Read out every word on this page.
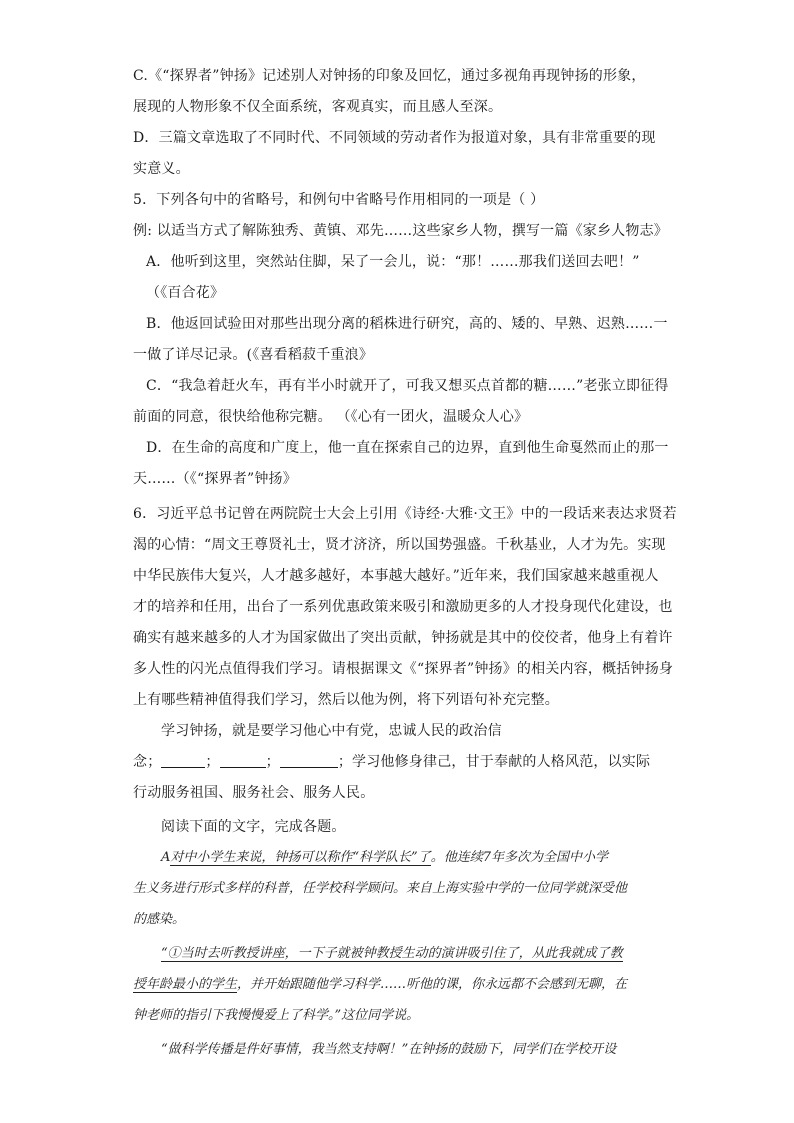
C.《“探界者”钟扬》记述别人对钟扬的印象及回忆，通过多视角再现钟扬的形象，
展现的人物形象不仅全面系统，客观真实，而且感人至深。
D．三篇文章选取了不同时代、不同领域的劳动者作为报道对象，具有非常重要的现
实意义。
5．下列各句中的省略号，和例句中省略号作用相同的一项是（ ）
例: 以适当方式了解陈独秀、黄镇、邓先……这些家乡人物，撰写一篇《家乡人物志》
A．他听到这里，突然站住脚，呆了一会儿，说：“那！……那我们送回去吧！”
（《百合花》
B．他返回试验田对那些出现分离的稻株进行研究，高的、矮的、早熟、迟熟……一
一做了详尽记录。(《喜看稻菽千重浪》
C．“我急着赶火车，再有半小时就开了，可我又想买点首都的糖……”老张立即征得
前面的同意，很快给他称完糖。 （《心有一团火，温暖众人心》
D．在生命的高度和广度上，他一直在探索自己的边界，直到他生命戛然而止的那一
天……（《“探界者”钟扬》
6．习近平总书记曾在两院院士大会上引用《诗经·大雅·文王》中的一段话来表达求贤若
渴的心情：“周文王尊贤礼士，贤才济济，所以国势强盛。千秋基业，人才为先。实现
中华民族伟大复兴，人才越多越好，本事越大越好。”近年来，我们国家越来越重视人
才的培养和任用，出台了一系列优惠政策来吸引和激励更多的人才投身现代化建设，也
确实有越来越多的人才为国家做出了突出贡献，钟扬就是其中的佼佼者，他身上有着许
多人性的闪光点值得我们学习。请根据课文《“探界者”钟扬》的相关内容，概括钟扬身
上有哪些精神值得我们学习，然后以他为例，将下列语句补充完整。
学习钟扬，就是要学习他心中有党，忠诚人民的政治信
念；	；	；	；学习他修身律己，甘于奉献的人格风范，以实际
行动服务祖国、服务社会、服务人民。
阅读下面的文字，完成各题。
A对中小学生来说，钟扬可以称作“科学队长”了。他连续7年多次为全国中小学
生义务进行形式多样的科普，任学校科学顾问。来自上海实验中学的一位同学就深受他
的感染。
“①当时去听教授讲座，一下子就被钟教授生动的演讲吸引住了，从此我就成了教
授年龄最小的学生，并开始跟随他学习科学……听他的课，你永远都不会感到无聊，在
钟老师的指引下我慢慢爱上了科学。”这位同学说。
“做科学传播是件好事情，我当然支持啊！”在钟扬的鼓励下，同学们在学校开设
